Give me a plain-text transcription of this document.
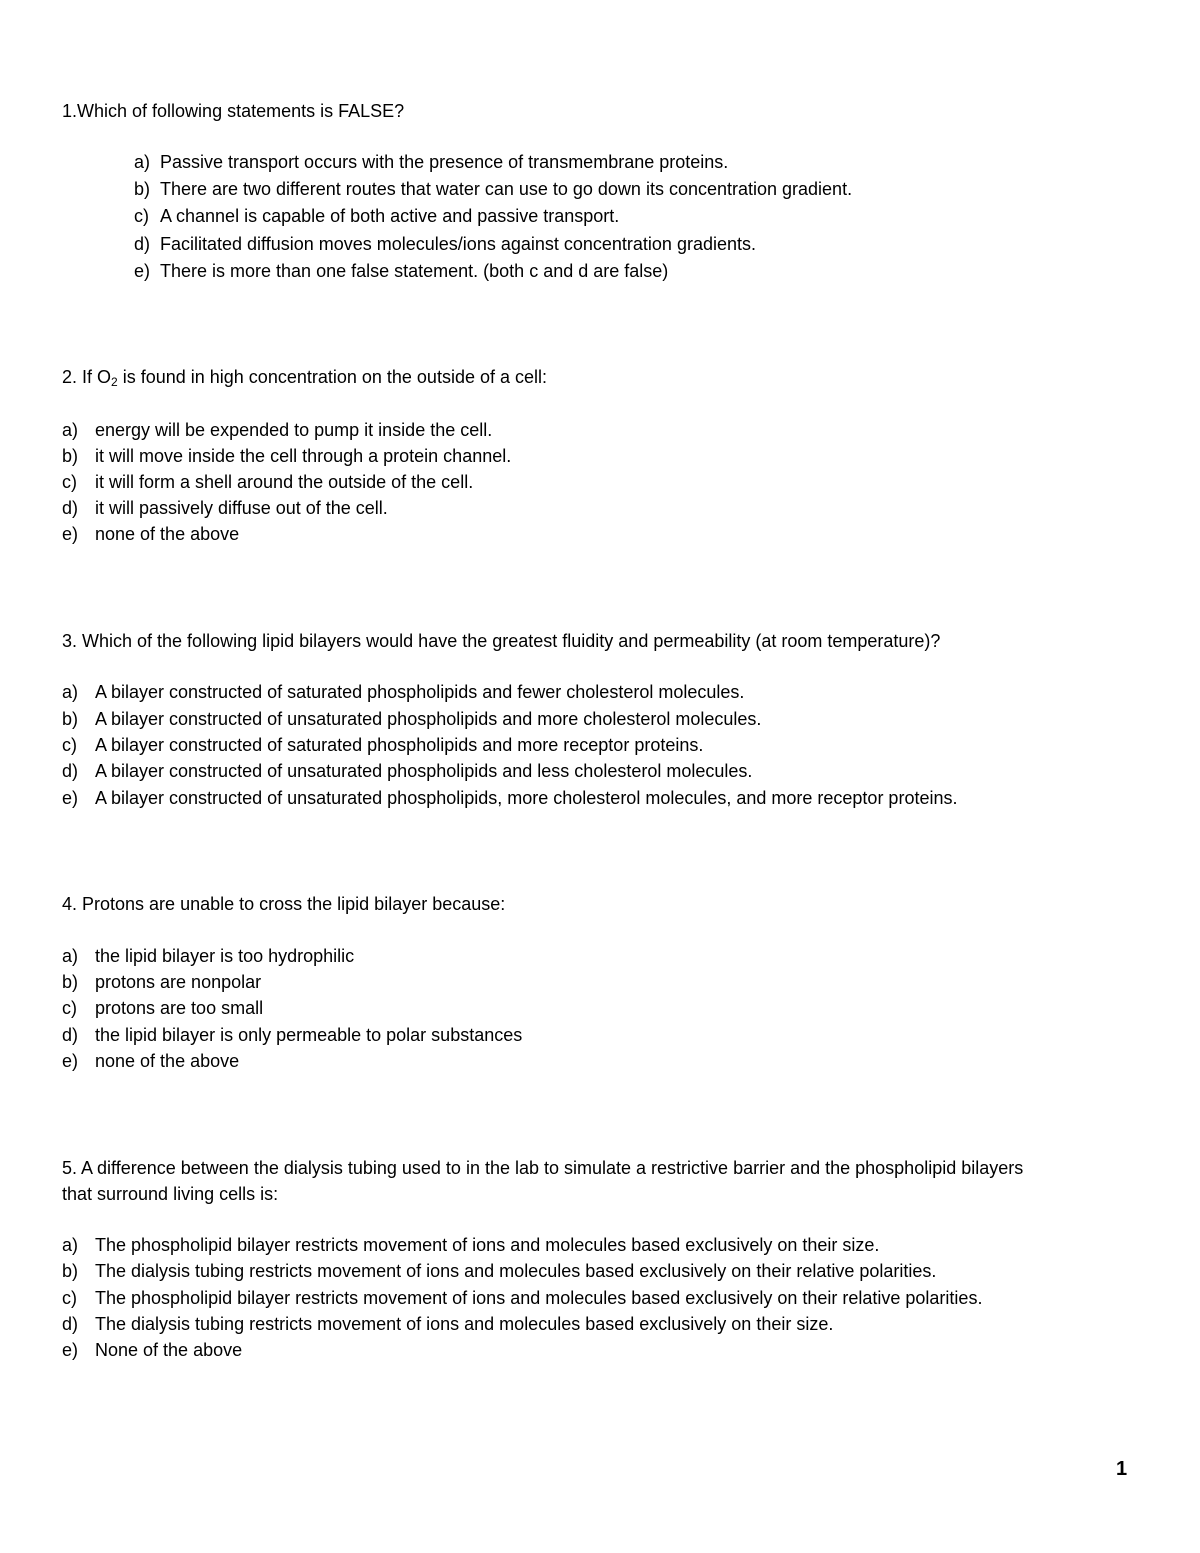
1.Which of following statements is FALSE?
a) Passive transport occurs with the presence of transmembrane proteins.
b) There are two different routes that water can use to go down its concentration gradient.
c) A channel is capable of both active and passive transport.
d) Facilitated diffusion moves molecules/ions against concentration gradients.
e) There is more than one false statement. (both c and d are false)
2. If $O_2$ is found in high concentration on the outside of a cell:
a) energy will be expended to pump it inside the cell.
b) it will move inside the cell through a protein channel.
c) it will form a shell around the outside of the cell.
d) it will passively diffuse out of the cell.
e) none of the above
3. Which of the following lipid bilayers would have the greatest fluidity and permeability (at room temperature)?
a) A bilayer constructed of saturated phospholipids and fewer cholesterol molecules.
b) A bilayer constructed of unsaturated phospholipids and more cholesterol molecules.
c) A bilayer constructed of saturated phospholipids and more receptor proteins.
d) A bilayer constructed of unsaturated phospholipids and less cholesterol molecules.
e) A bilayer constructed of unsaturated phospholipids, more cholesterol molecules, and more receptor proteins.
4. Protons are unable to cross the lipid bilayer because:
a) the lipid bilayer is too hydrophilic
b) protons are nonpolar
c) protons are too small
d) the lipid bilayer is only permeable to polar substances
e) none of the above
5. A difference between the dialysis tubing used to in the lab to simulate a restrictive barrier and the phospholipid bilayers
that surround living cells is:
a) The phospholipid bilayer restricts movement of ions and molecules based exclusively on their size.
b) The dialysis tubing restricts movement of ions and molecules based exclusively on their relative polarities.
c) The phospholipid bilayer restricts movement of ions and molecules based exclusively on their relative polarities.
d) The dialysis tubing restricts movement of ions and molecules based exclusively on their size.
e) None of the above
1
